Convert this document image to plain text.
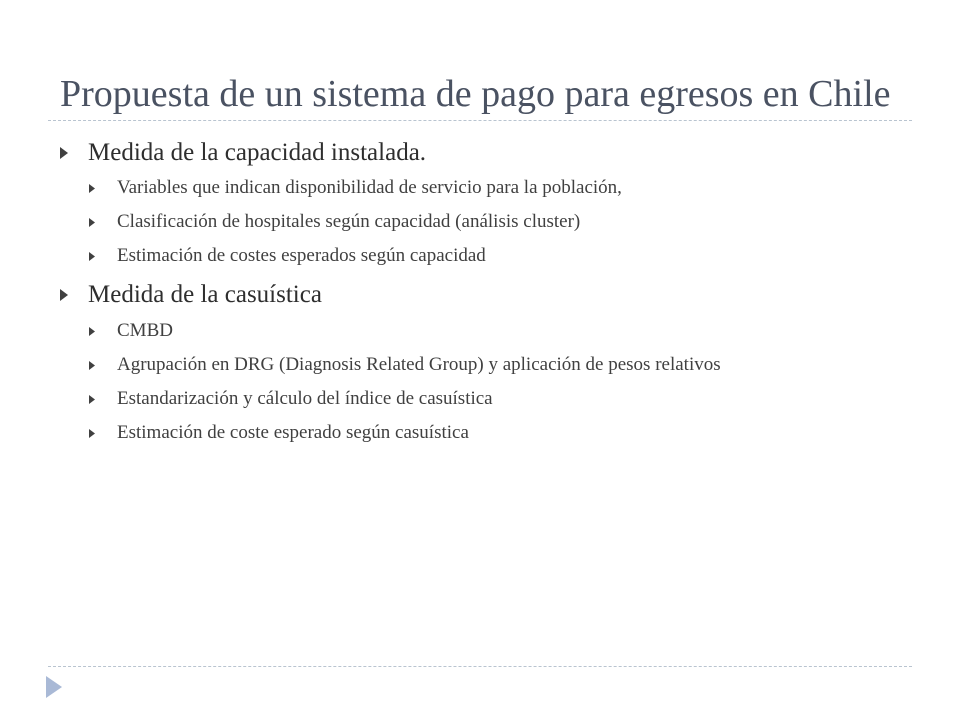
Propuesta de un sistema de pago para egresos en Chile
Medida de la capacidad instalada.
Variables que indican disponibilidad de servicio para la población,
Clasificación de hospitales según capacidad (análisis cluster)
Estimación de costes esperados según capacidad
Medida de la casuística
CMBD
Agrupación en DRG (Diagnosis Related Group) y aplicación de pesos relativos
Estandarización y cálculo del índice de casuística
Estimación de coste esperado según casuística
